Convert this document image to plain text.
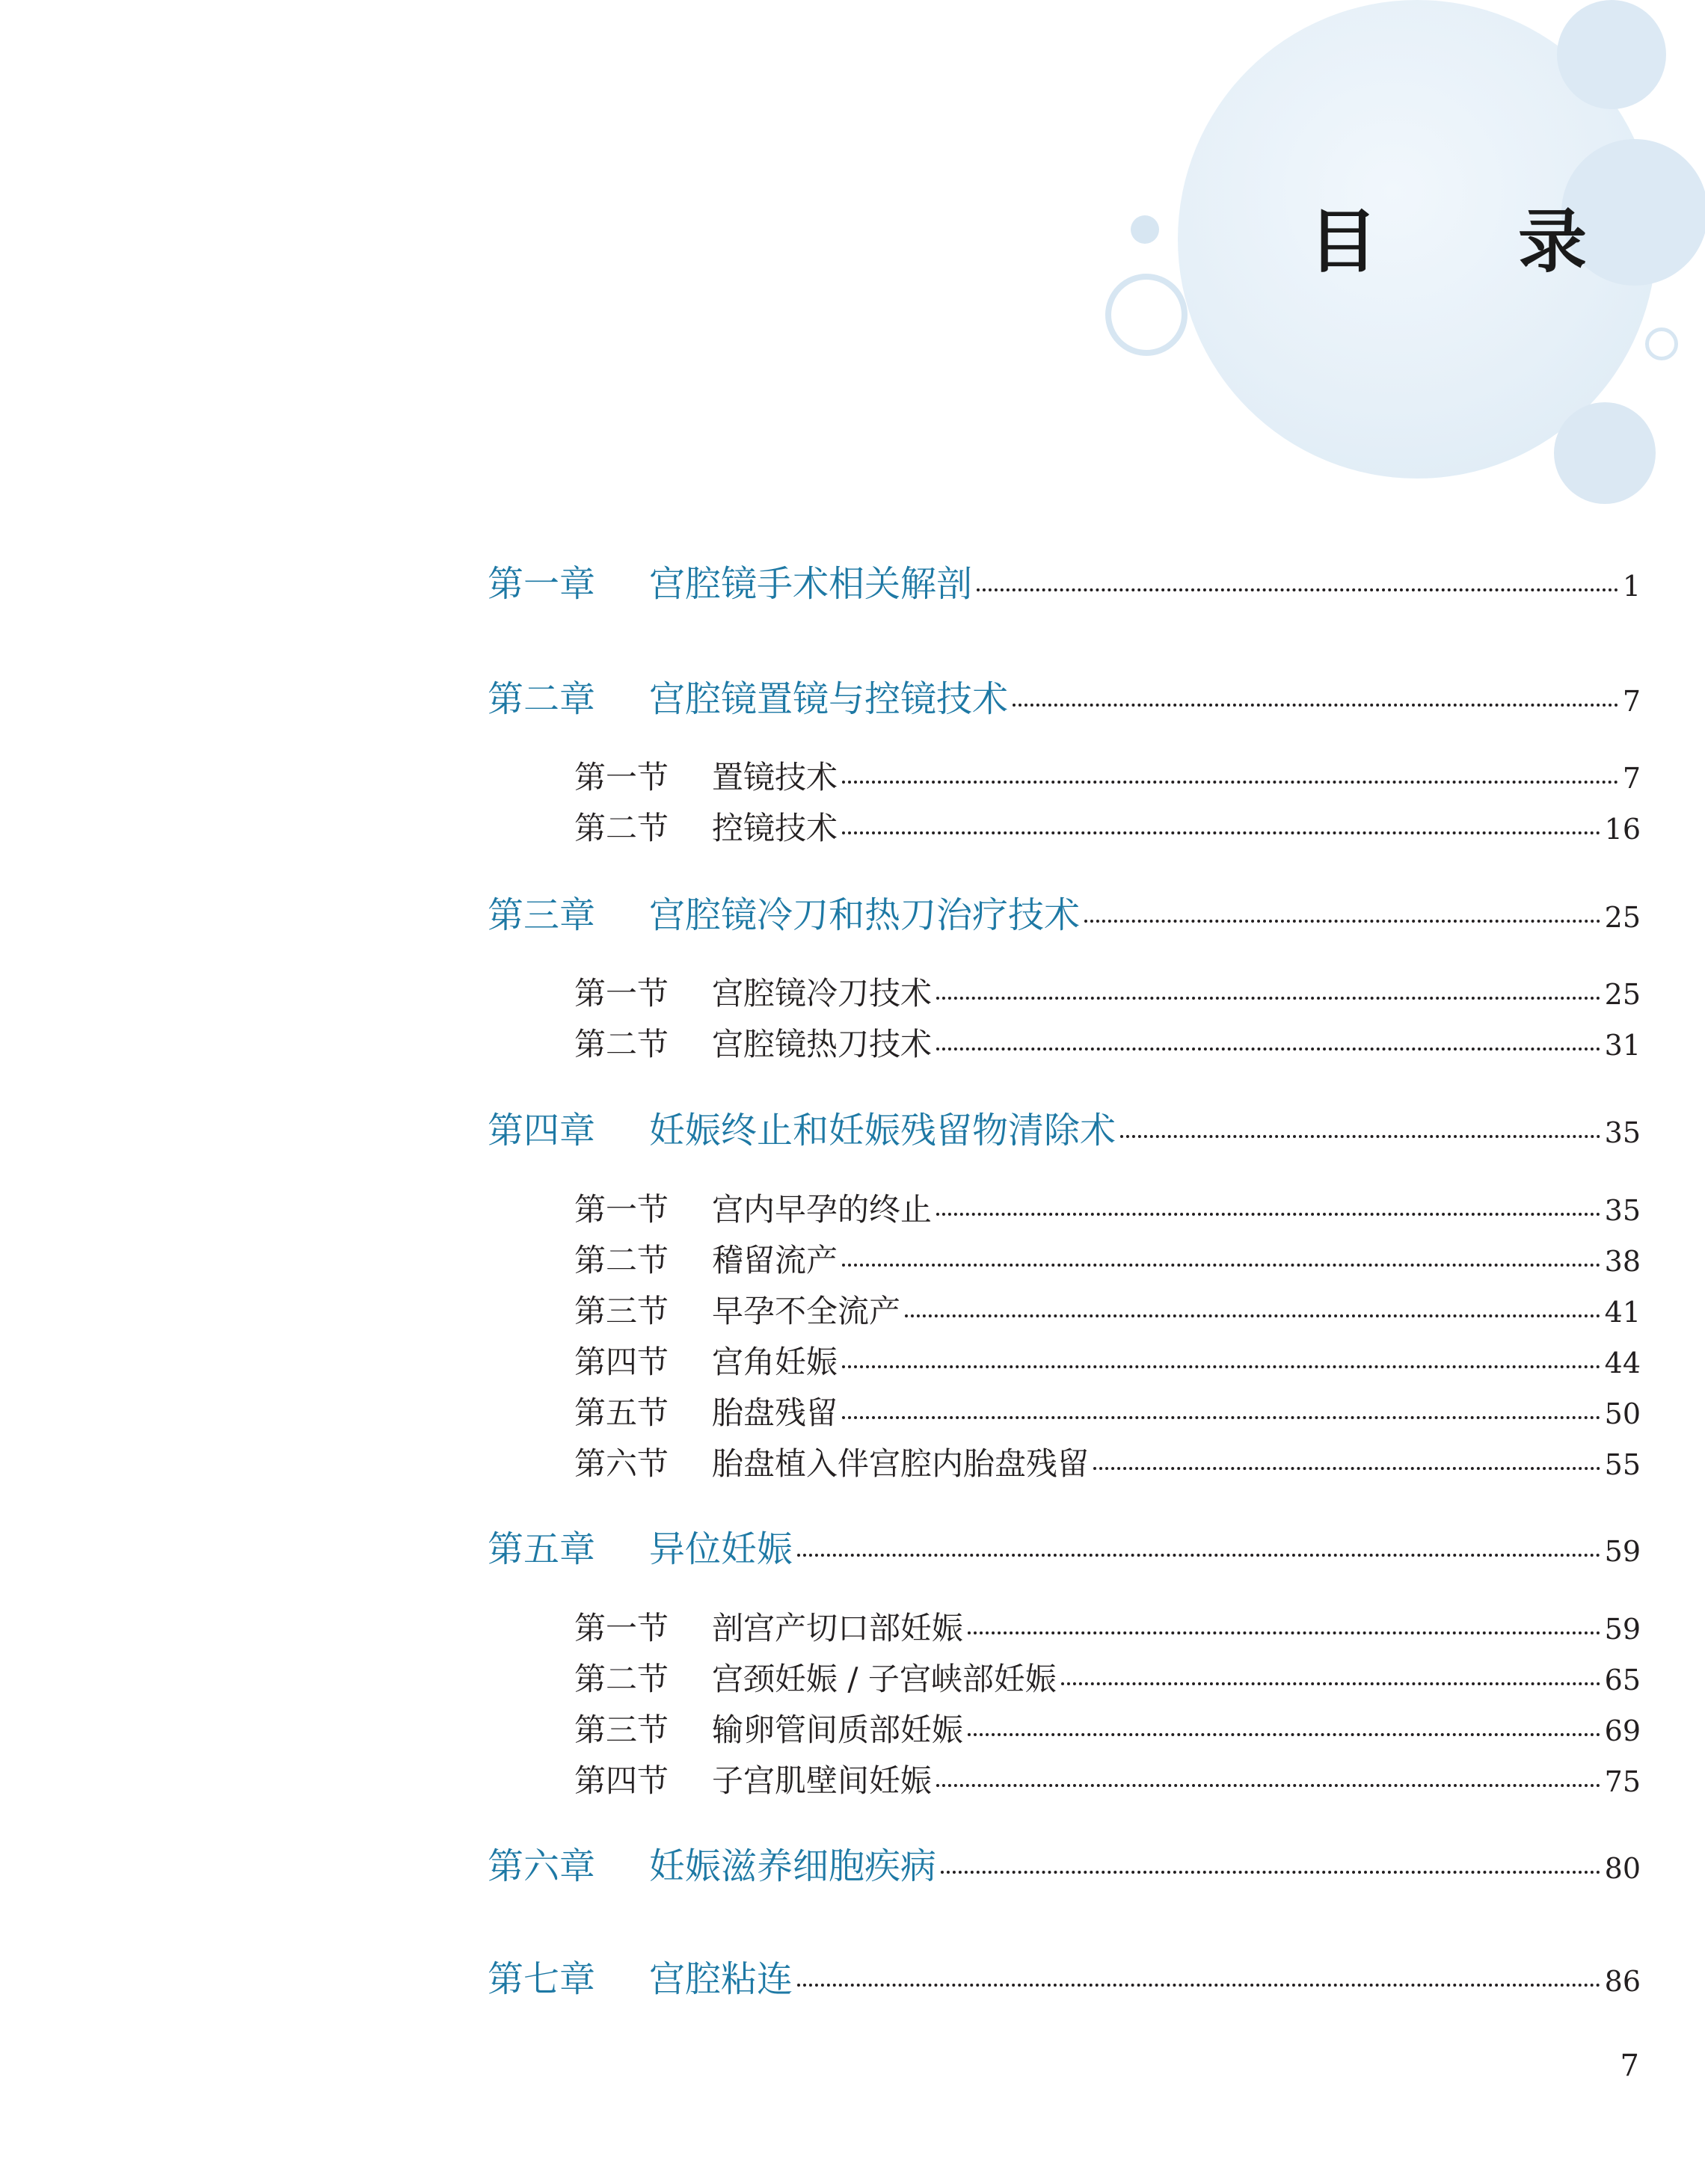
目 录
第一章	宫腔镜手术相关解剖	1
第二章	宫腔镜置镜与控镜技术	7
第一节	置镜技术	7
第二节	控镜技术	16
第三章	宫腔镜冷刀和热刀治疗技术	25
第一节	宫腔镜冷刀技术	25
第二节	宫腔镜热刀技术	31
第四章	妊娠终止和妊娠残留物清除术	35
第一节	宫内早孕的终止	35
第二节	稽留流产	38
第三节	早孕不全流产	41
第四节	宫角妊娠	44
第五节	胎盘残留	50
第六节	胎盘植入伴宫腔内胎盘残留	55
第五章	异位妊娠	59
第一节	剖宫产切口部妊娠	59
第二节	宫颈妊娠 / 子宫峡部妊娠	65
第三节	输卵管间质部妊娠	69
第四节	子宫肌壁间妊娠	75
第六章	妊娠滋养细胞疾病	80
第七章	宫腔粘连	86
7
